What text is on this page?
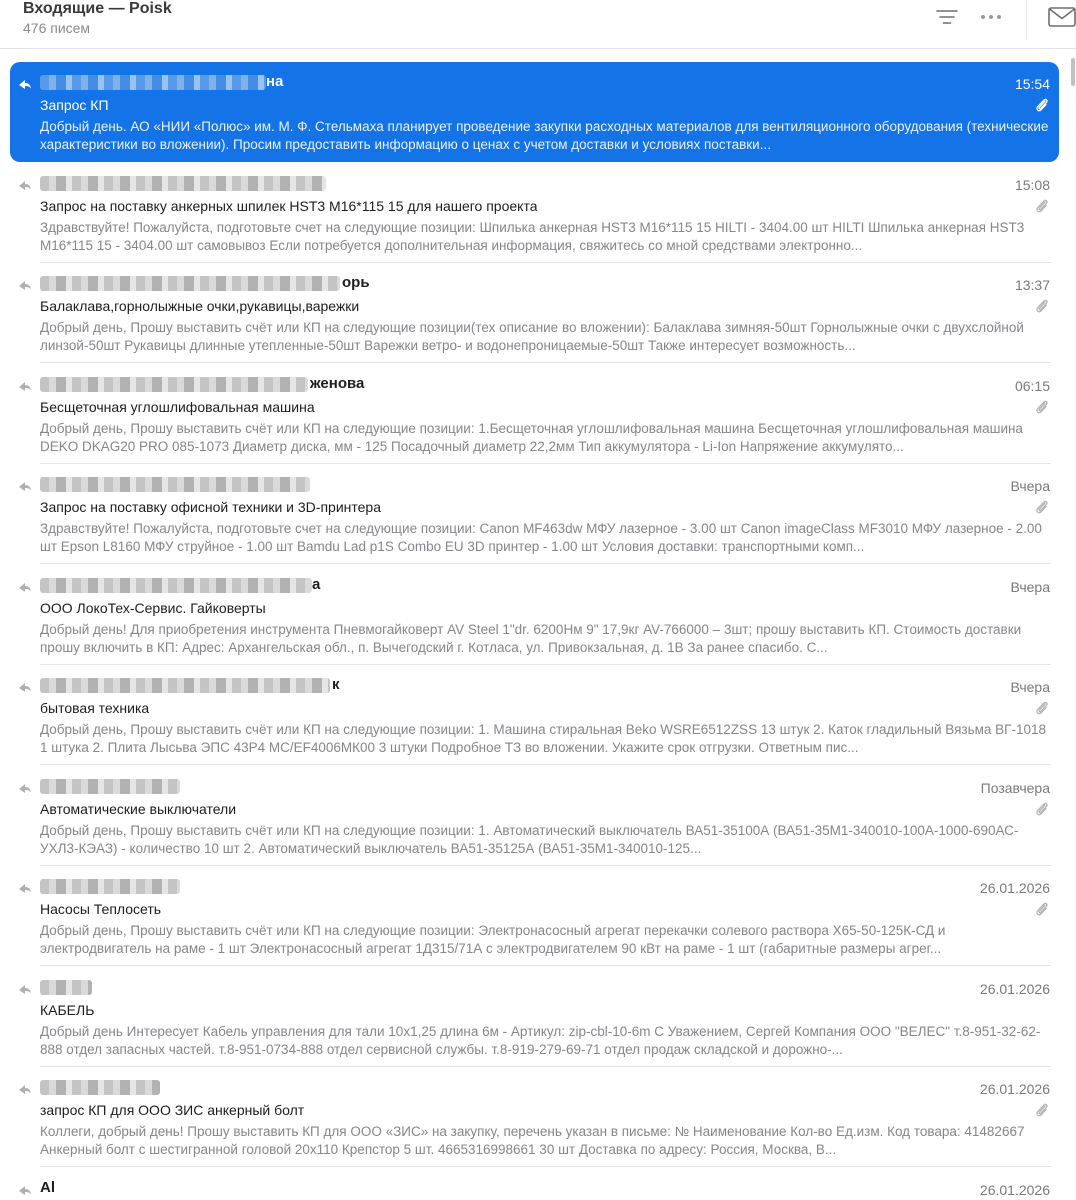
Входящие — Poisk
476 писем
на	15:54
Запрос КП
Добрый день. АО «НИИ «Полюс» им. М. Ф. Стельмаха планирует проведение закупки расходных материалов для вентиляционного оборудования (технические характеристики во вложении). Просим предоставить информацию о ценах с учетом доставки и условиях поставки...
15:08
Запрос на поставку анкерных шпилек HST3 M16*115 15 для нашего проекта
Здравствуйте! Пожалуйста, подготовьте счет на следующие позиции: Шпилька анкерная HST3 M16*115 15 HILTI - 3404.00 шт HILTI Шпилька анкерная HST3 M16*115 15 - 3404.00 шт самовывоз Если потребуется дополнительная информация, свяжитесь со мной средствами электронно...
орь	13:37
Балаклава,горнолыжные очки,рукавицы,варежки
Добрый день, Прошу выставить счёт или КП на следующие позиции(тех описание во вложении): Балаклава зимняя-50шт Горнолыжные очки с двухслойной линзой-50шт Рукавицы длинные утепленные-50шт Варежки ветро- и водонепроницаемые-50шт Также интересует возможность...
женова	06:15
Бесщеточная углошлифовальная машина
Добрый день, Прошу выставить счёт или КП на следующие позиции: 1.Бесщеточная углошлифовальная машина Бесщеточная углошлифовальная машина DEKO DKAG20 PRO 085-1073 Диаметр диска, мм - 125 Посадочный диаметр 22,2мм Тип аккумулятора - Li-Ion Напряжение аккумулято...
Вчера
Запрос на поставку офисной техники и 3D-принтера
Здравствуйте! Пожалуйста, подготовьте счет на следующие позиции: Canon MF463dw МФУ лазерное - 3.00 шт Canon imageClass MF3010 МФУ лазерное - 2.00 шт Epson L8160 МФУ струйное - 1.00 шт Bamdu Lad p1S Combo EU 3D принтер - 1.00 шт Условия доставки: транспортными комп...
а	Вчера
ООО ЛокоТех-Сервис. Гайковерты
Добрый день! Для приобретения инструмента Пневмогайковерт AV Steel 1"dr. 6200Нм 9" 17,9кг AV-766000 – 3шт; прошу выставить КП. Стоимость доставки прошу включить в КП: Адрес: Архангельская обл., п. Вычегодский г. Котласа, ул. Привокзальная, д. 1В За ранее спасибо. С...
к	Вчера
бытовая техника
Добрый день, Прошу выставить счёт или КП на следующие позиции: 1. Машина стиральная Beko WSRE6512ZSS 13 штук 2. Каток гладильный Вязьма ВГ-1018 1 штука 2. Плита Лысьва ЭПС 43Р4 МС/EF4006МК00 3 штуки Подробное ТЗ во вложении. Укажите срок отгрузки. Ответным пис...
Позавчера
Автоматические выключатели
Добрый день, Прошу выставить счёт или КП на следующие позиции: 1. Автоматический выключатель ВА51-35100А (ВА51-35М1-340010-100А-1000-690АС-УХЛ3-КЭАЗ) - количество 10 шт 2. Автоматический выключатель ВА51-35125А (ВА51-35М1-340010-125...
26.01.2026
Насосы Теплосеть
Добрый день, Прошу выставить счёт или КП на следующие позиции: Электронасосный агрегат перекачки солевого раствора Х65-50-125К-СД и электродвигатель на раме - 1 шт Электронасосный агрегат 1Д315/71А с электродвигателем 90 кВт на раме - 1 шт (габаритные размеры агрег...
26.01.2026
КАБЕЛЬ
Добрый день Интересует Кабель управления для тали 10х1,25 длина 6м - Артикул: zip-cbl-10-6m С Уважением, Сергей Компания ООО "ВЕЛЕС" т.8-951-32-62-888 отдел запасных частей. т.8-951-0734-888 отдел сервисной службы. т.8-919-279-69-71 отдел продаж складской и дорожно-...
26.01.2026
запрос КП для ООО ЗИС анкерный болт
Коллеги, добрый день! Прошу выставить КП для ООО «ЗИС» на закупку, перечень указан в письме: № Наименование Кол-во Ед.изм. Код товара: 41482667 Анкерный болт с шестигранной головой 20х110 Крепстор 5 шт. 4665316998661 30 шт Доставка по адресу: Россия, Москва, В...
Al	26.01.2026
